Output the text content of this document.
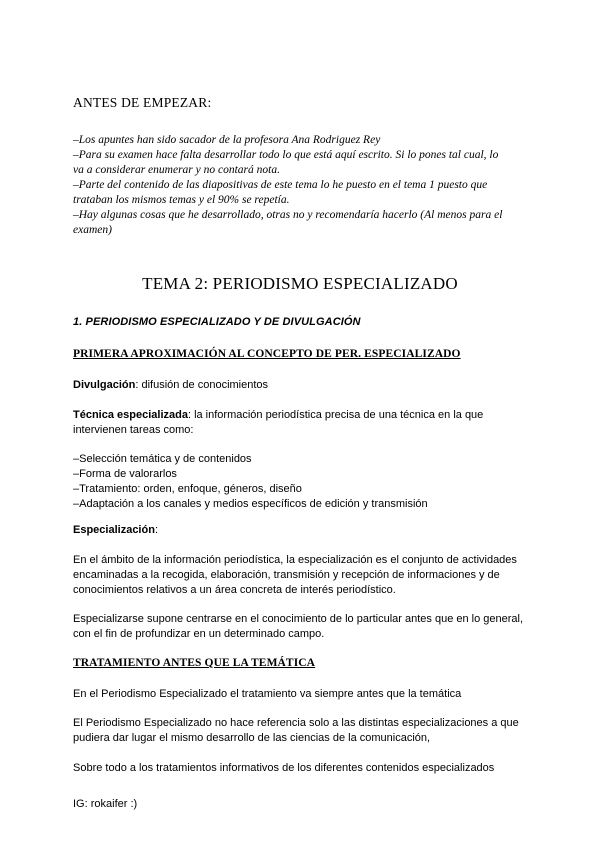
ANTES DE EMPEZAR:
–Los apuntes han sido sacador de la profesora Ana Rodriguez Rey
–Para su examen hace falta desarrollar todo lo que está aquí escrito. Si lo pones tal cual, lo
va a considerar enumerar y no contará nota.
–Parte del contenido de las diapositivas de este tema lo he puesto en el tema 1 puesto que
trataban los mismos temas y el 90% se repetía.
–Hay algunas cosas que he desarrollado, otras no y recomendaría hacerlo (Al menos para el
examen)
TEMA 2: PERIODISMO ESPECIALIZADO
1. PERIODISMO ESPECIALIZADO Y DE DIVULGACIÓN
PRIMERA APROXIMACIÓN AL CONCEPTO DE PER. ESPECIALIZADO
Divulgación: difusión de conocimientos
Técnica especializada: la información periodística precisa de una técnica en la que
intervienen tareas como:
–Selección temática y de contenidos
–Forma de valorarlos
–Tratamiento: orden, enfoque, géneros, diseño
–Adaptación a los canales y medios específicos de edición y transmisión
Especialización:
En el ámbito de la información periodística, la especialización es el conjunto de actividades
encaminadas a la recogida, elaboración, transmisión y recepción de informaciones y de
conocimientos relativos a un área concreta de interés periodístico.
Especializarse supone centrarse en el conocimiento de lo particular antes que en lo general,
con el fin de profundizar en un determinado campo.
TRATAMIENTO ANTES QUE LA TEMÁTICA
En el Periodismo Especializado el tratamiento va siempre antes que la temática
El Periodismo Especializado no hace referencia solo a las distintas especializaciones a que
pudiera dar lugar el mismo desarrollo de las ciencias de la comunicación,
Sobre todo a los tratamientos informativos de los diferentes contenidos especializados
IG: rokaifer :)
